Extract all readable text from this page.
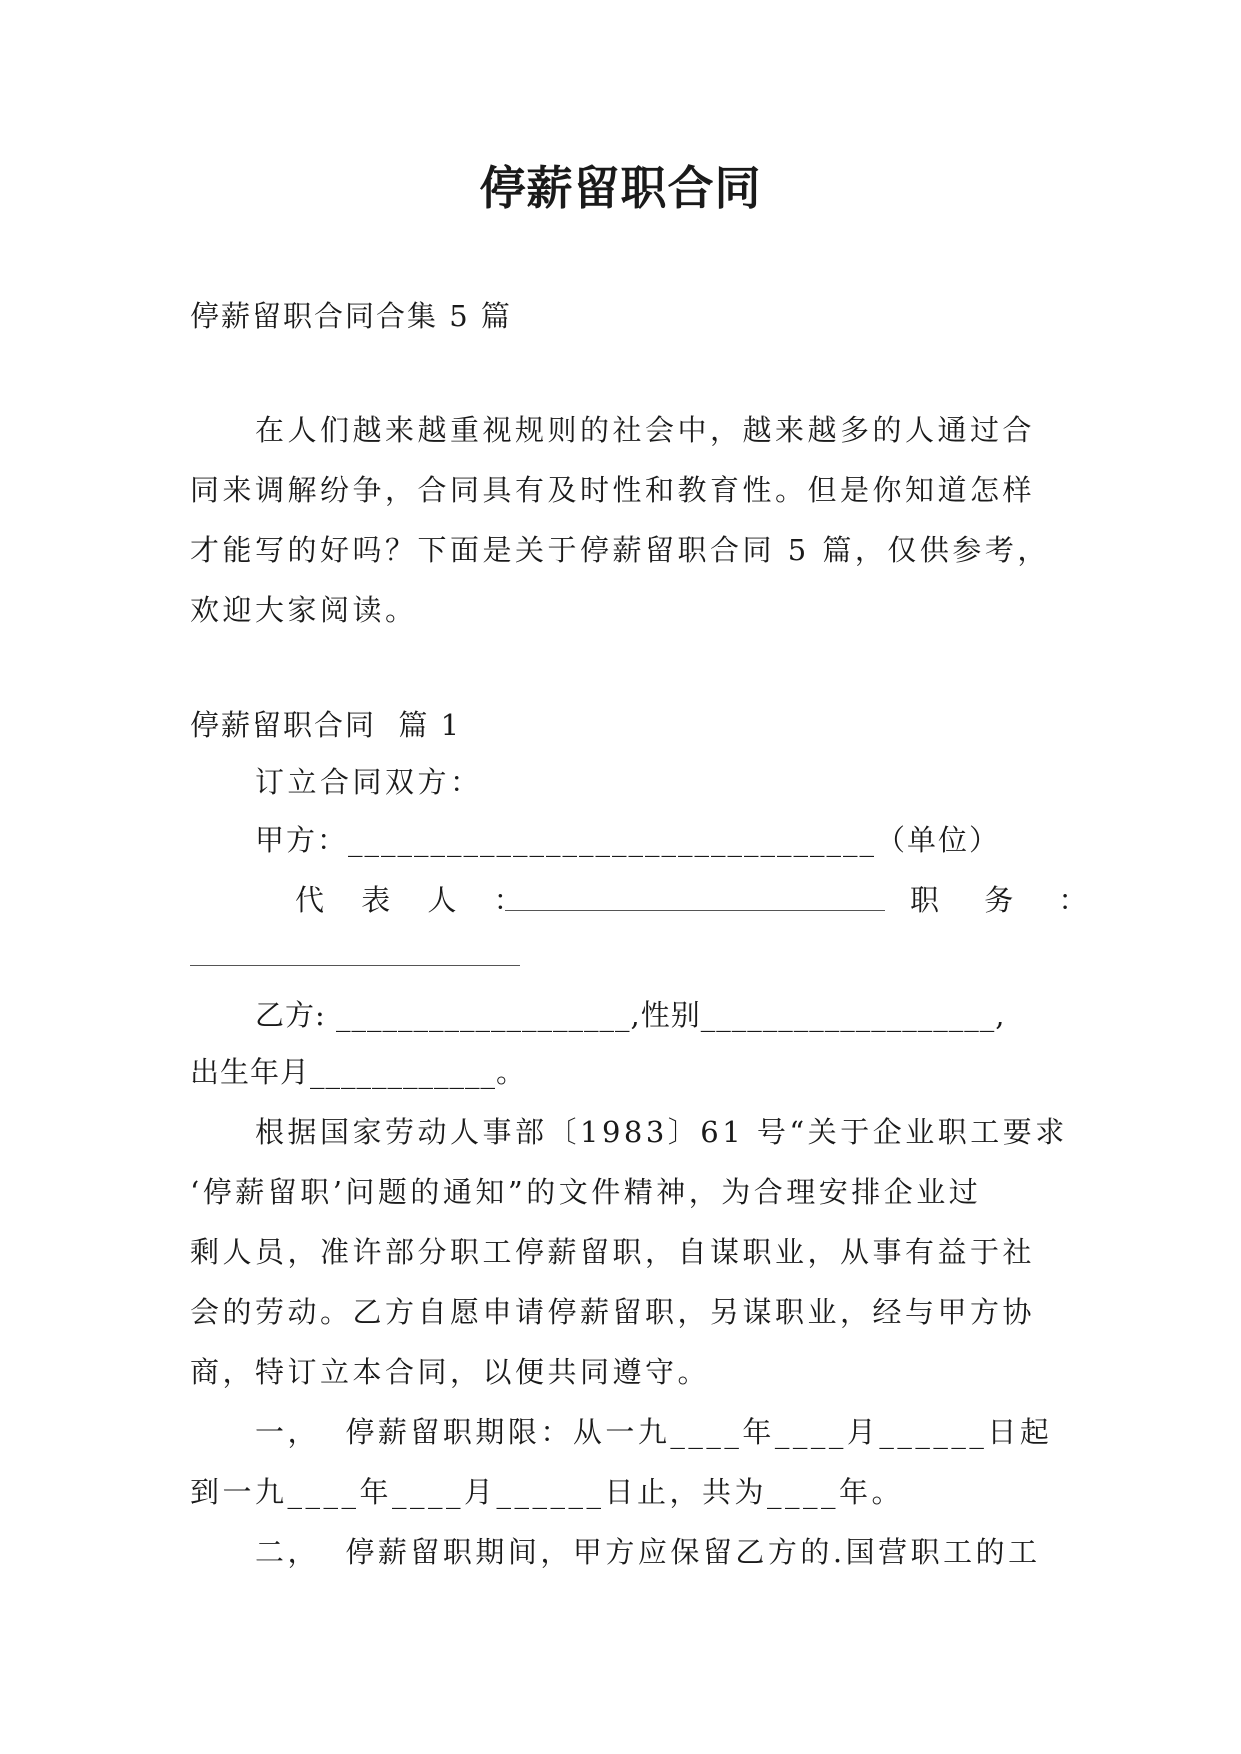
停薪留职合同
停薪留职合同合集 5 篇
在人们越来越重视规则的社会中，越来越多的人通过合
同来调解纷争，合同具有及时性和教育性。但是你知道怎样
才能写的好吗？下面是关于停薪留职合同 5 篇，仅供参考，
欢迎大家阅读。
停薪留职合同  篇 1
订立合同双方：
甲方：________________________________（单位）
代 表 人 ：	职 务 ：
乙方: ___________________,性别___________________,
出生年月____________。
根据国家劳动人事部〔1983〕61 号“关于企业职工要求
‘停薪留职’问题的通知”的文件精神，为合理安排企业过
剩人员，准许部分职工停薪留职，自谋职业，从事有益于社
会的劳动。乙方自愿申请停薪留职，另谋职业，经与甲方协
商，特订立本合同，以便共同遵守。
一，  停薪留职期限：从一九____年____月______日起
到一九____年____月______日止，共为____年。
二，  停薪留职期间，甲方应保留乙方的.国营职工的工
